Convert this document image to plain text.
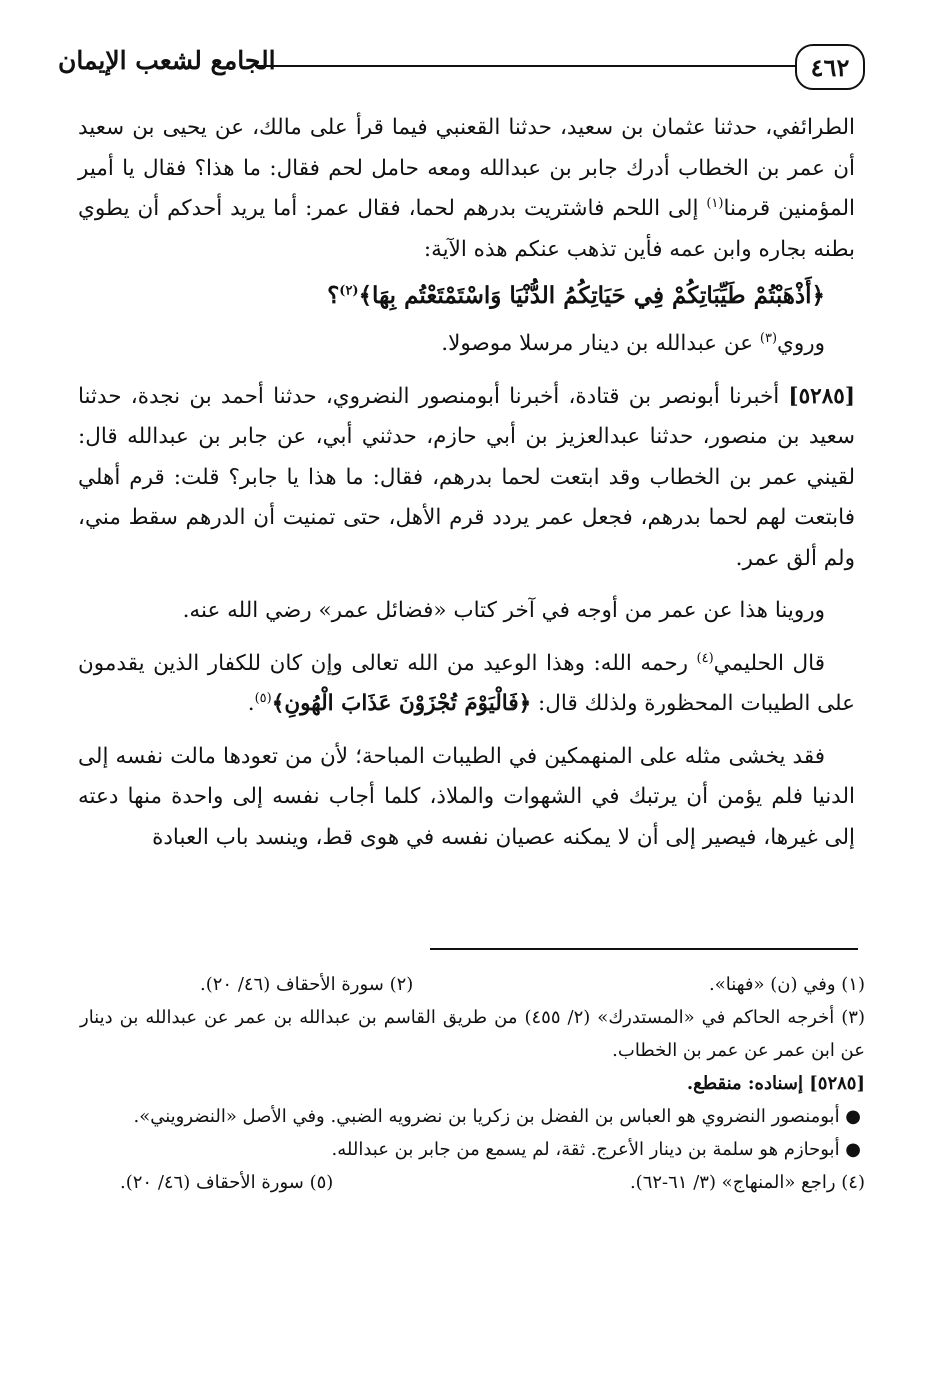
٤٦٢
الجامع لشعب الإيمان

الطرائفي، حدثنا عثمان بن سعيد، حدثنا القعنبي فيما قرأ على مالك، عن يحيى بن سعيد أن عمر بن الخطاب أدرك جابر بن عبدالله ومعه حامل لحم فقال: ما هذا؟ فقال يا أمير المؤمنين قرمنا$^{(١)}$ إلى اللحم فاشتريت بدرهم لحما، فقال عمر: أما يريد أحدكم أن يطوي بطنه بجاره وابن عمه فأين تذهب عنكم هذه الآية:

﴿أَذْهَبْتُمْ طَيِّبَاتِكُمْ فِي حَيَاتِكُمُ الدُّنْيَا وَاسْتَمْتَعْتُم بِهَا﴾$^{(٢)}$؟

وروي$^{(٣)}$ عن عبدالله بن دينار مرسلا موصولا.

[٥٢٨٥] أخبرنا أبونصر بن قتادة، أخبرنا أبومنصور النضروي، حدثنا أحمد بن نجدة، حدثنا سعيد بن منصور، حدثنا عبدالعزيز بن أبي حازم، حدثني أبي، عن جابر بن عبدالله قال: لقيني عمر بن الخطاب وقد ابتعت لحما بدرهم، فقال: ما هذا يا جابر؟ قلت: قرم أهلي فابتعت لهم لحما بدرهم، فجعل عمر يردد قرم الأهل، حتى تمنيت أن الدرهم سقط مني، ولم ألق عمر.

وروينا هذا عن عمر من أوجه في آخر كتاب «فضائل عمر» رضي الله عنه.

قال الحليمي$^{(٤)}$ رحمه الله: وهذا الوعيد من الله تعالى وإن كان للكفار الذين يقدمون على الطيبات المحظورة ولذلك قال: ﴿فَالْيَوْمَ تُجْزَوْنَ عَذَابَ الْهُونِ﴾$^{(٥)}$.

فقد يخشى مثله على المنهمكين في الطيبات المباحة؛ لأن من تعودها مالت نفسه إلى الدنيا فلم يؤمن أن يرتبك في الشهوات والملاذ، كلما أجاب نفسه إلى واحدة منها دعته إلى غيرها، فيصير إلى أن لا يمكنه عصيان نفسه في هوى قط، وينسد باب العبادة

(١) وفي (ن) «فهنا».
(٢) سورة الأحقاف (٤٦/ ٢٠).

(٣) أخرجه الحاكم في «المستدرك» (٢/ ٤٥٥) من طريق القاسم بن عبدالله بن عمر عن عبدالله بن دينار عن ابن عمر عن عمر بن الخطاب.

[٥٢٨٥] إسناده: منقطع.

● أبومنصور النضروي هو العباس بن الفضل بن زكريا بن نضرويه الضبي. وفي الأصل «النضرويني».

● أبوحازم هو سلمة بن دينار الأعرج. ثقة، لم يسمع من جابر بن عبدالله.

(٤) راجع «المنهاج» (٣/ ٦١-٦٢).
(٥) سورة الأحقاف (٤٦/ ٢٠).
